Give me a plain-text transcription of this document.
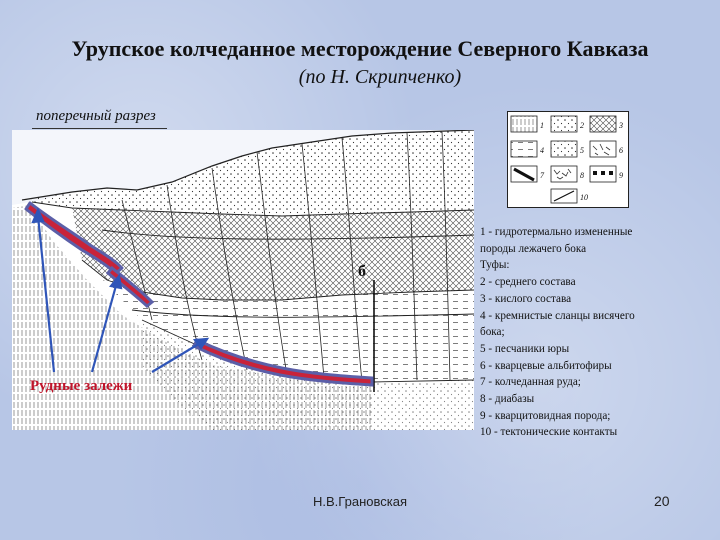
Урупское колчеданное месторождение Северного Кавказа
(по Н. Скрипченко)
поперечный разрез
б
1	2	3
4	5	6
7	8	9
10
1 - гидротермально измененные
породы лежачего бока
Туфы:
2 - среднего состава
3 - кислого состава
4 - кремнистые сланцы висячего
бока;
5 - песчаники юры
6 - кварцевые альбитофиры
7 - колчеданная руда;
8 - диабазы
9 - кварцитовидная порода;
10 - тектонические контакты
Рудные залежи
Н.В.Грановская	20
